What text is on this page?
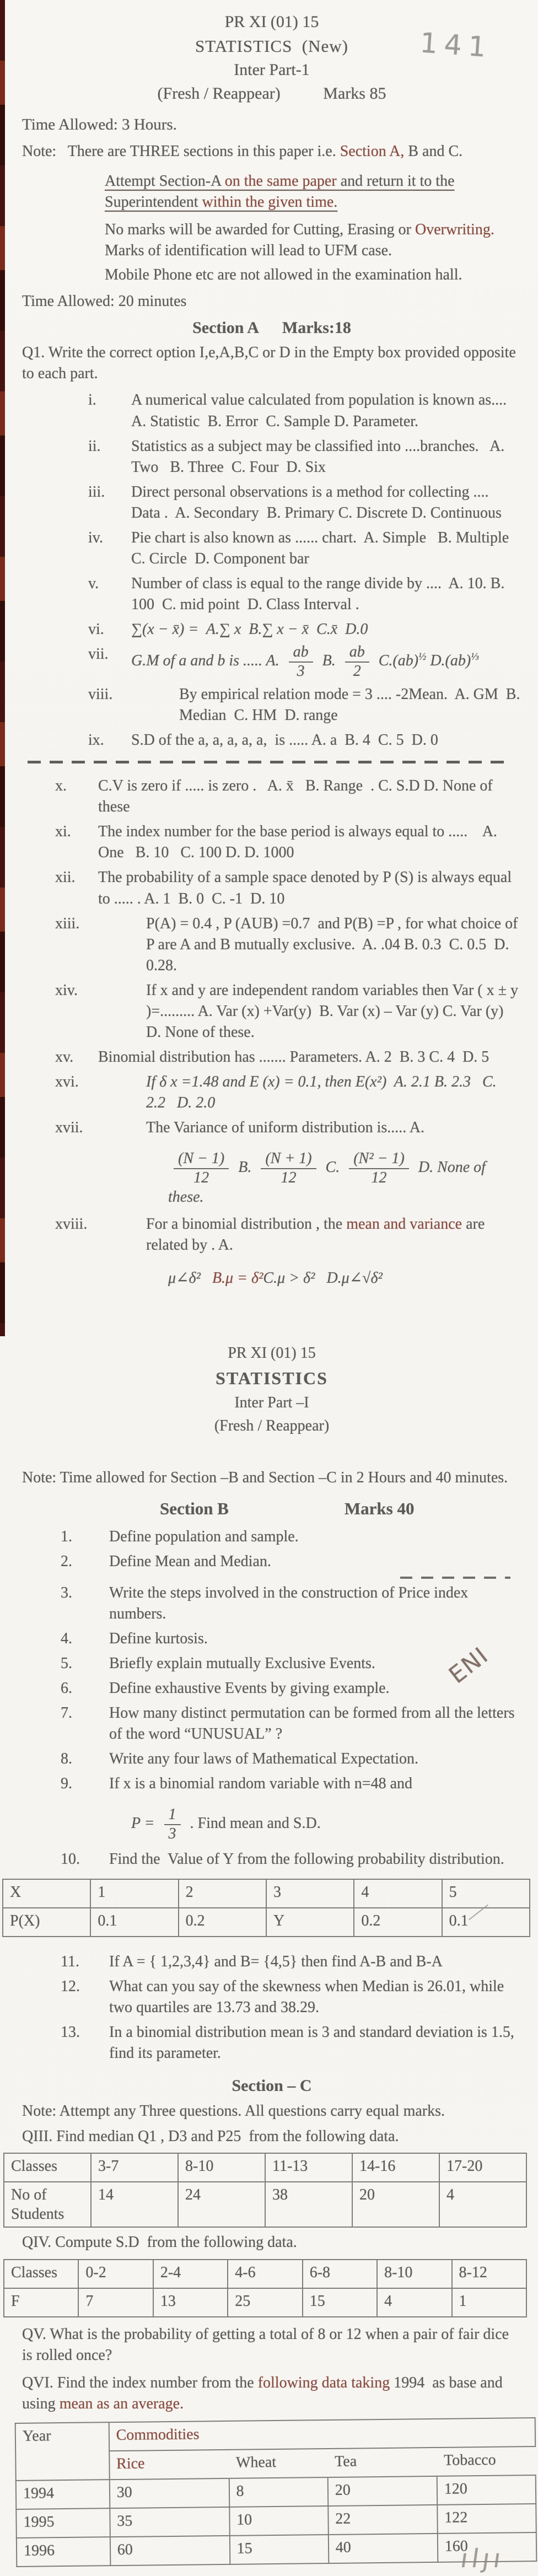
PR XI (01) 15

STATISTICS  (New)

Inter Part-1

(Fresh / Reappear)	Marks 85

Time Allowed: 3 Hours.

Note:   There are THREE sections in this paper i.e. Section A, B and C.

Attempt Section-A on the same paper and return it to the Superintendent within the given time.

No marks will be awarded for Cutting, Erasing or Overwriting. Marks of identification will lead to UFM case.

Mobile Phone etc are not allowed in the examination hall.

Time Allowed: 20 minutes

Section A Marks:18

Q1. Write the correct option I,e,A,B,C or D in the Empty box provided opposite to each part.

i.	A numerical value calculated from population is known as....  A. Statistic  B. Error  C. Sample D. Parameter.
ii.	Statistics as a subject may be classified into ....branches.   A. Two   B. Three  C. Four  D. Six
iii.	Direct personal observations is a method for collecting .... Data .  A. Secondary  B. Primary C. Discrete D. Continuous
iv.	Pie chart is also known as ...... chart.  A. Simple   B. Multiple  C. Circle  D. Component bar
v.	Number of class is equal to the range divide by ....  A. 10. B. 100  C. mid point  D. Class Interval .
vi.	∑(x − x̄) =  A.∑ x  B.∑ x − x̄  C.x̄  D.0
vii.	G.M of a and b is ..... A. $\frac{ab}{3} B$. $\frac{ab}{2} C.(ab)^{\frac{1}{2}}$ D.(ab)$^{\frac{1}{3}}$
viii.	By empirical relation mode = 3 .... -2Mean.  A. GM  B. Median  C. HM  D. range
ix.	S.D of the a, a, a, a, a,  is ..... A. a  B. 4  C. 5  D. 0
x.	C.V is zero if ..... is zero .   A. x̄   B. Range  . C. S.D D. None of these
xi.	The index number for the base period is always equal to .....    A. One   B. 10   C. 100 D. D. 1000
xii.	The probability of a sample space denoted by P (S) is always equal to ..... . A. 1  B. 0  C. -1  D. 10
xiii.	P(A) = 0.4 , P (AUB) =0.7  and P(B) =P , for what choice of P are A and B mutually exclusive.  A. .04 B. 0.3  C. 0.5  D. 0.28.
xiv.	If x and y are independent random variables then Var ( x ± y )=......... A. Var (x) +Var(y)  B. Var (x) – Var (y) C. Var (y)  D. None of these.
xv.	Binomial distribution has ....... Parameters. A. 2  B. 3 C. 4  D. 5
xvi.	If δ x =1.48 and E (x) = 0.1, then E(x²)  A. 2.1 B. 2.3   C. 2.2   D. 2.0
xvii.	The Variance of uniform distribution is..... A.
$\frac{(N - 1)}{12} B$. $\frac{(N + 1)}{12} C$. $\frac{\text{(N² − 1)}}{12} D$. None of these.
xviii.	For a binomial distribution , the mean and variance are related by . A.
μ∠δ²   B.μ = δ²C.μ > δ²   D.μ∠√δ²

PR XI (01) 15

STATISTICS

Inter Part –I

(Fresh / Reappear)

Note: Time allowed for Section –B and Section –C in 2 Hours and 40 minutes.

Section B	Marks 40
1.	Define population and sample.
2.	Define Mean and Median.
3.	Write the steps involved in the construction of Price index numbers.
4.	Define kurtosis.
5.	Briefly explain mutually Exclusive Events.
6.	Define exhaustive Events by giving example.
7.	How many distinct permutation can be formed from all the letters of the word “UNUSUAL” ?
8.	Write any four laws of Mathematical Expectation.
9.	If x is a binomial random variable with n=48 and
$P = \frac{1}{3}$ . Find mean and S.D.
10.	Find the  Value of Y from the following probability distribution.
X	1	2	3	4	5
P(X)	0.1	0.2	Y	0.2	0.1
11.	If A = { 1,2,3,4} and B= {4,5} then find A-B and B-A
12.	What can you say of the skewness when Median is 26.01, while two quartiles are 13.73 and 38.29.
13.	In a binomial distribution mean is 3 and standard deviation is 1.5, find its parameter.

Section – C

Note: Attempt any Three questions. All questions carry equal marks.

QIII. Find median Q1 , D3 and P25  from the following data.

Classes	3-7	8-10	11-13	14-16	17-20
No of Students	14	24	38	20	4

QIV. Compute S.D  from the following data.

Classes	0-2	2-4	4-6	6-8	8-10	8-12
F	7	13	25	15	4	1

QV. What is the probability of getting a total of 8 or 12 when a pair of fair dice is rolled once?

QVI. Find the index number from the following data taking 1994  as base and using mean as an average.

Year	Commodities			
	Rice	Wheat	Tea	Tobacco
1994	30	8	20	120
1995	35	10	22	122
1996	60	15	40	160
141
ENI
ılȷı
